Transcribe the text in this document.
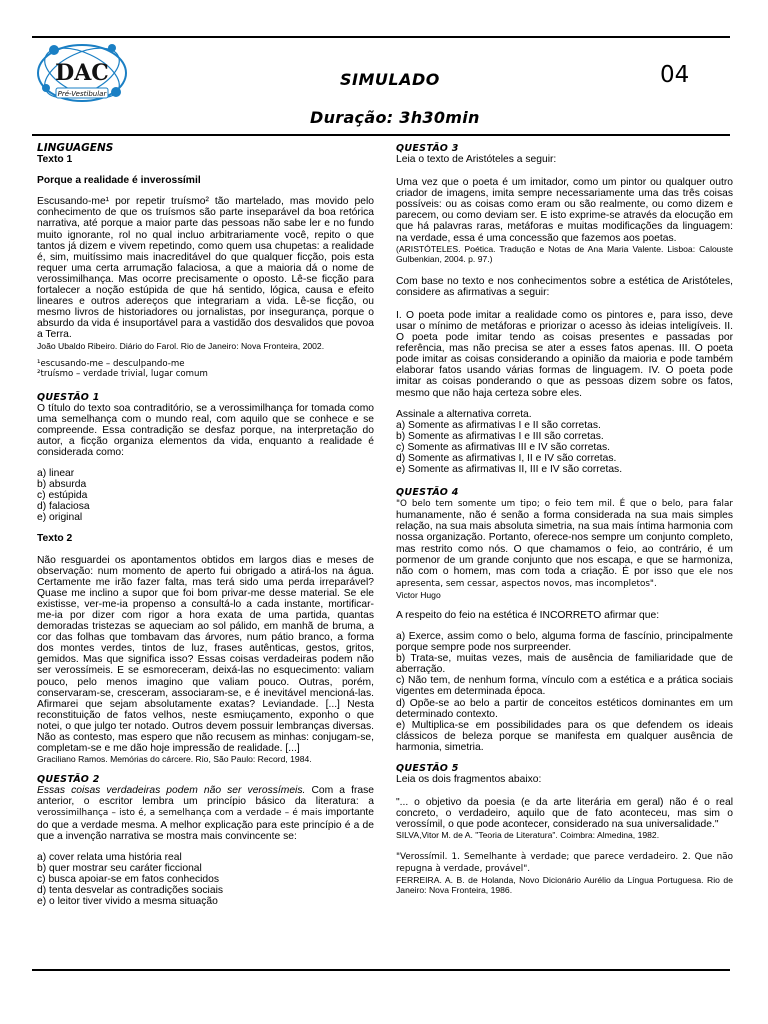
DAC
Pré-Vestibular
SIMULADO	04
Duração: 3h30min
LINGUAGENS
Texto 1
Porque a realidade é inverossímil

Escusando-me¹ por repetir truísmo² tão martelado, mas movido pelo conhecimento de que os truísmos são parte inseparável da boa retórica narrativa, até porque a maior parte das pessoas não sabe ler e no fundo muito ignorante, rol no qual incluo arbitrariamente você, repito o que tantos já dizem e vivem repetindo, como quem usa chupetas: a realidade é, sim, muitíssimo mais inacreditável do que qualquer ficção, pois esta requer uma certa arrumação falaciosa, a que a maioria dá o nome de verossimilhança. Mas ocorre precisamente o oposto. Lê-se ficção para fortalecer a noção estúpida de que há sentido, lógica, causa e efeito lineares e outros adereços que integrariam a vida. Lê-se ficção, ou mesmo livros de historiadores ou jornalistas, por insegurança, porque o absurdo da vida é insuportável para a vastidão dos desvalidos que povoa a Terra.

João Ubaldo Ribeiro. Diário do Farol. Rio de Janeiro: Nova Fronteira, 2002.

¹escusando-me – desculpando-me
²truísmo – verdade trivial, lugar comum
QUESTÃO 1

O título do texto soa contraditório, se a verossimilhança for tomada como uma semelhança com o mundo real, com aquilo que se conhece e se compreende. Essa contradição se desfaz porque, na interpretação do autor, a ficção organiza elementos da vida, enquanto a realidade é considerada como:

a) linear
b) absurda
c) estúpida
d) falaciosa
e) original
Texto 2

Não resguardei os apontamentos obtidos em largos dias e meses de observação: num momento de aperto fui obrigado a atirá-los na água. Certamente me irão fazer falta, mas terá sido uma perda irreparável? Quase me inclino a supor que foi bom privar-me desse material. Se ele existisse, ver-me-ia propenso a consultá-lo a cada instante, mortificar-me-ia por dizer com rigor a hora exata de uma partida, quantas demoradas tristezas se aqueciam ao sol pálido, em manhã de bruma, a cor das folhas que tombavam das árvores, num pátio branco, a forma dos montes verdes, tintos de luz, frases autênticas, gestos, gritos, gemidos. Mas que significa isso? Essas coisas verdadeiras podem não ser verossímeis. E se esmoreceram, deixá-las no esquecimento: valiam pouco, pelo menos imagino que valiam pouco. Outras, porém, conservaram-se, cresceram, associaram-se, e é inevitável mencioná-las. Afirmarei que sejam absolutamente exatas? Leviandade. [...] Nesta reconstituição de fatos velhos, neste esmiuçamento, exponho o que notei, o que julgo ter notado. Outros devem possuir lembranças diversas. Não as contesto, mas espero que não recusem as minhas: conjugam-se, completam-se e me dão hoje impressão de realidade. [...]

Graciliano Ramos. Memórias do cárcere. Rio, São Paulo: Record, 1984.

QUESTÃO 2

Essas coisas verdadeiras podem não ser verossímeis. Com a frase anterior, o escritor lembra um princípio básico da literatura: a verossimilhança – isto é, a semelhança com a verdade – é mais importante do que a verdade mesma. A melhor explicação para este princípio é a de que a invenção narrativa se mostra mais convincente se:

a) cover relata uma história real
b) quer mostrar seu caráter ficcional
c) busca apoiar-se em fatos conhecidos
d) tenta desvelar as contradições sociais
e) o leitor tiver vivido a mesma situação
QUESTÃO 3
Leia o texto de Aristóteles a seguir:

Uma vez que o poeta é um imitador, como um pintor ou qualquer outro criador de imagens, imita sempre necessariamente uma das três coisas possíveis: ou as coisas como eram ou são realmente, ou como dizem e parecem, ou como deviam ser. E isto exprime-se através da elocução em que há palavras raras, metáforas e muitas modificações da linguagem: na verdade, essa é uma concessão que fazemos aos poetas.

(ARISTÓTELES. Poética. Tradução e Notas de Ana Maria Valente. Lisboa: Calouste Gulbenkian, 2004. p. 97.)

Com base no texto e nos conhecimentos sobre a estética de Aristóteles, considere as afirmativas a seguir:

I. O poeta pode imitar a realidade como os pintores e, para isso, deve usar o mínimo de metáforas e priorizar o acesso às ideias inteligíveis. II. O poeta pode imitar tendo as coisas presentes e passadas por referência, mas não precisa se ater a esses fatos apenas. III. O poeta pode imitar as coisas considerando a opinião da maioria e pode também elaborar fatos usando várias formas de linguagem. IV. O poeta pode imitar as coisas ponderando o que as pessoas dizem sobre os fatos, mesmo que não haja certeza sobre eles.

Assinale a alternativa correta.
a) Somente as afirmativas I e II são corretas.
b) Somente as afirmativas I e III são corretas.
c) Somente as afirmativas III e IV são corretas.
d) Somente as afirmativas I, II e IV são corretas.
e) Somente as afirmativas II, III e IV são corretas.
QUESTÃO 4

"O belo tem somente um tipo; o feio tem mil. É que o belo, para falar humanamente, não é senão a forma considerada na sua mais simples relação, na sua mais absoluta simetria, na sua mais íntima harmonia com nossa organização. Portanto, oferece-nos sempre um conjunto completo, mas restrito como nós. O que chamamos o feio, ao contrário, é um pormenor de um grande conjunto que nos escapa, e que se harmoniza, não com o homem, mas com toda a criação. É por isso que ele nos apresenta, sem cessar, aspectos novos, mas incompletos".

Victor Hugo
A respeito do feio na estética é INCORRETO afirmar que:

a) Exerce, assim como o belo, alguma forma de fascínio, principalmente porque sempre pode nos surpreender.

b) Trata-se, muitas vezes, mais de ausência de familiaridade que de aberração.

c) Não tem, de nenhum forma, vínculo com a estética e a prática sociais vigentes em determinada época.

d) Opõe-se ao belo a partir de conceitos estéticos dominantes em um determinado contexto.

e) Multiplica-se em possibilidades para os que defendem os ideais clássicos de beleza porque se manifesta em qualquer ausência de harmonia, simetria.

QUESTÃO 5
Leia os dois fragmentos abaixo:

"... o objetivo da poesia (e da arte literária em geral) não é o real concreto, o verdadeiro, aquilo que de fato aconteceu, mas sim o verossímil, o que pode acontecer, considerado na sua universalidade."

SILVA,Vitor M. de A. "Teoria de Literatura". Coimbra: Almedina, 1982.

"Verossímil. 1. Semelhante à verdade; que parece verdadeiro. 2. Que não repugna à verdade, provável".

FERREIRA. A. B. de Holanda, Novo Dicionário Aurélio da Língua Portuguesa. Rio de Janeiro: Nova Fronteira, 1986.
